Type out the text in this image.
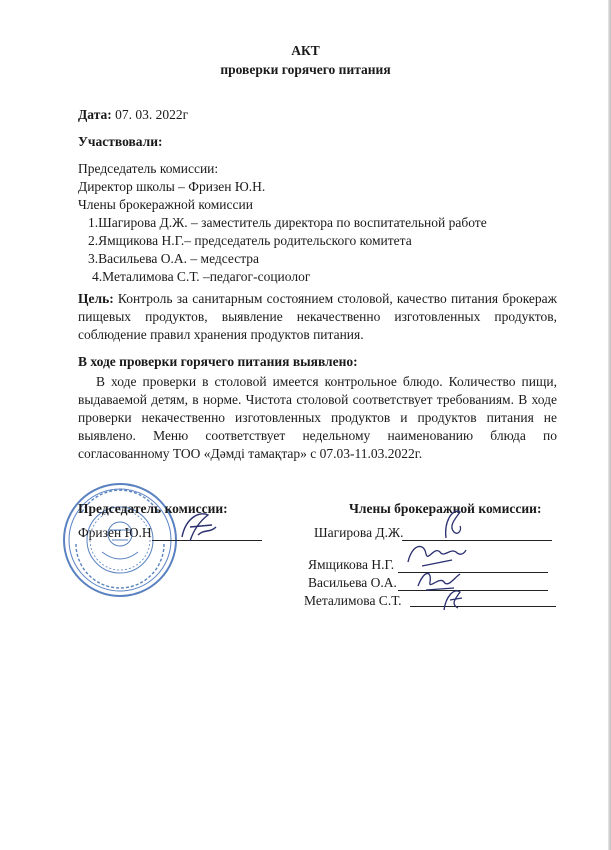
АКТ
проверки горячего питания
Дата: 07. 03. 2022г
Участвовали:
Председатель комиссии:
Директор школы – Фризен Ю.Н.
Члены брокеражной комиссии
1.Шагирова Д.Ж. – заместитель директора по воспитательной работе
2.Ямщикова Н.Г.– председатель родительского комитета
3.Васильева О.А. – медсестра
4.Металимова С.Т. –педагог-социолог
Цель: Контроль за санитарным состоянием столовой, качество питания брокераж пищевых продуктов, выявление некачественно изготовленных продуктов, соблюдение правил хранения продуктов питания.
В ходе проверки горячего питания выявлено:
В ходе проверки в столовой имеется контрольное блюдо. Количество пищи, выдаваемой детям, в норме. Чистота столовой соответствует требованиям. В ходе проверки некачественно изготовленных продуктов и продуктов питания не выявлено. Меню соответствует недельному наименованию блюда по согласованному ТОО «Дәмді тамақтар» с 07.03-11.03.2022г.
Председатель комиссии:	Члены брокеражной комиссии:
Фризен Ю.Н	Шагирова Д.Ж.
Ямщикова Н.Г.
Васильева О.А.
Металимова С.Т.
